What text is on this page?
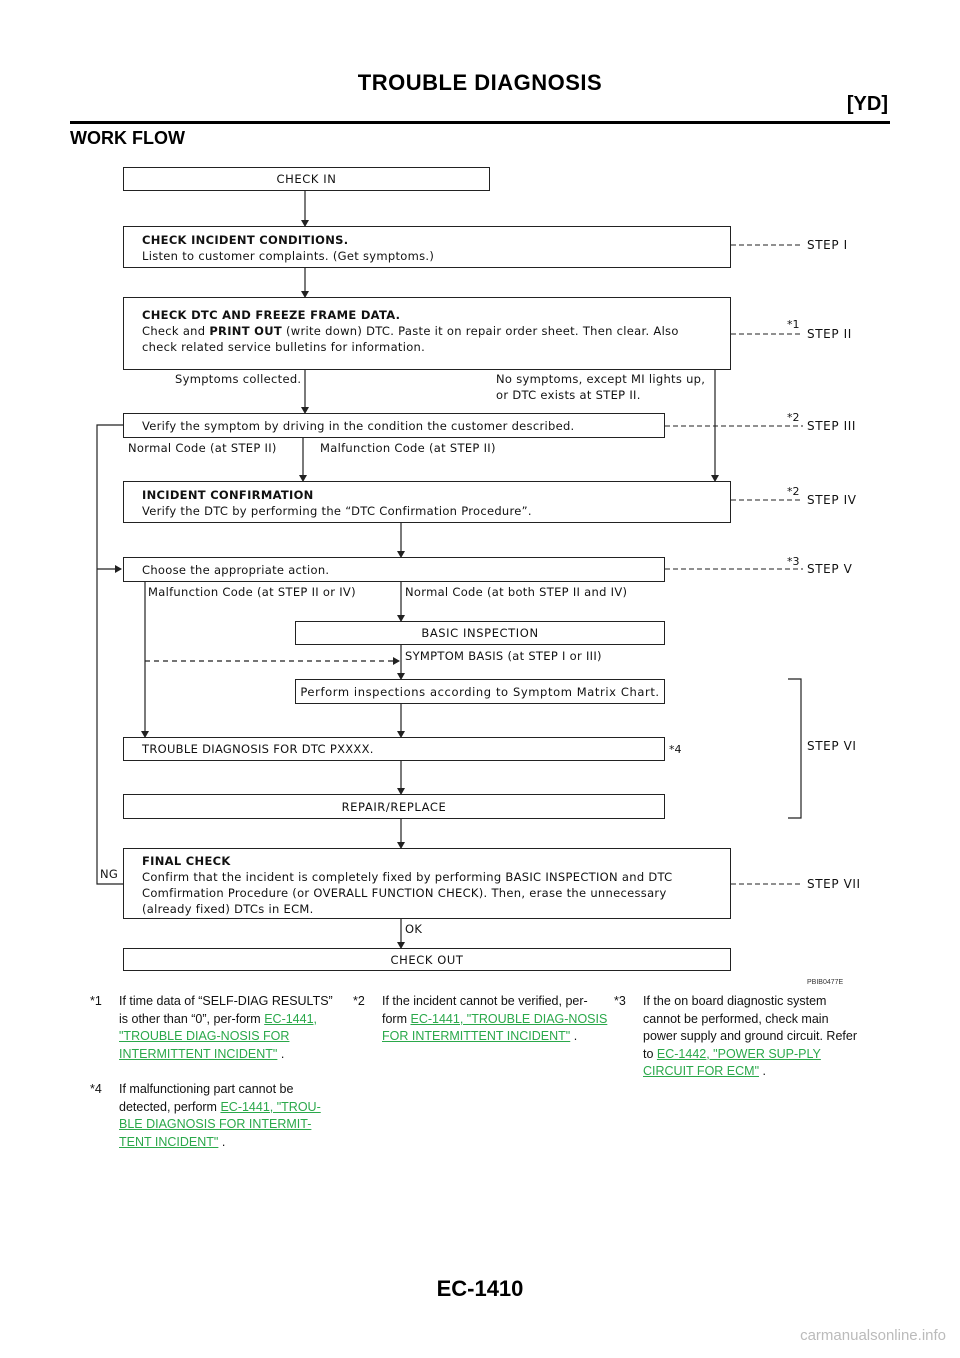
TROUBLE DIAGNOSIS
[YD]
WORK FLOW
CHECK IN
CHECK INCIDENT CONDITIONS.
Listen to customer complaints. (Get symptoms.)
CHECK DTC AND FREEZE FRAME DATA.
Check and PRINT OUT (write down) DTC. Paste it on repair order sheet. Then clear. Also check related service bulletins for information.
Symptoms collected.	No symptoms, except MI lights up, or DTC exists at STEP II.
Verify the symptom by driving in the condition the customer described.
Normal Code (at STEP II)	Malfunction Code (at STEP II)
INCIDENT CONFIRMATION
Verify the DTC by performing the “DTC Confirmation Procedure”.
Choose the appropriate action.
Malfunction Code (at STEP II or IV)	Normal Code (at both STEP II and IV)
BASIC INSPECTION
SYMPTOM BASIS (at STEP I or III)
Perform inspections according to Symptom Matrix Chart.
TROUBLE DIAGNOSIS FOR DTC PXXXX.
REPAIR/REPLACE
FINAL CHECK
Confirm that the incident is completely fixed by performing BASIC INSPECTION and DTC Comfirmation Procedure (or OVERALL FUNCTION CHECK). Then, erase the unnecessary (already fixed) DTCs in ECM.
NG
OK
CHECK OUT
STEP I
STEP II
STEP III
STEP IV
STEP V
STEP VI
STEP VII
*1
*2
*2
*3
*4
PBIB0477E
*1 If time data of “SELF-DIAG RESULTS” is other than “0”, per-form EC-1441, "TROUBLE DIAG-NOSIS FOR INTERMITTENT INCIDENT" .
*2 If the incident cannot be verified, per-form EC-1441, "TROUBLE DIAG-NOSIS FOR INTERMITTENT INCIDENT" .
*3 If the on board diagnostic system cannot be performed, check main power supply and ground circuit. Refer to EC-1442, "POWER SUP-PLY CIRCUIT FOR ECM" .
*4 If malfunctioning part cannot be detected, perform EC-1441, "TROU-BLE DIAGNOSIS FOR INTERMIT-TENT INCIDENT" .
EC-1410
carmanualsonline.info
